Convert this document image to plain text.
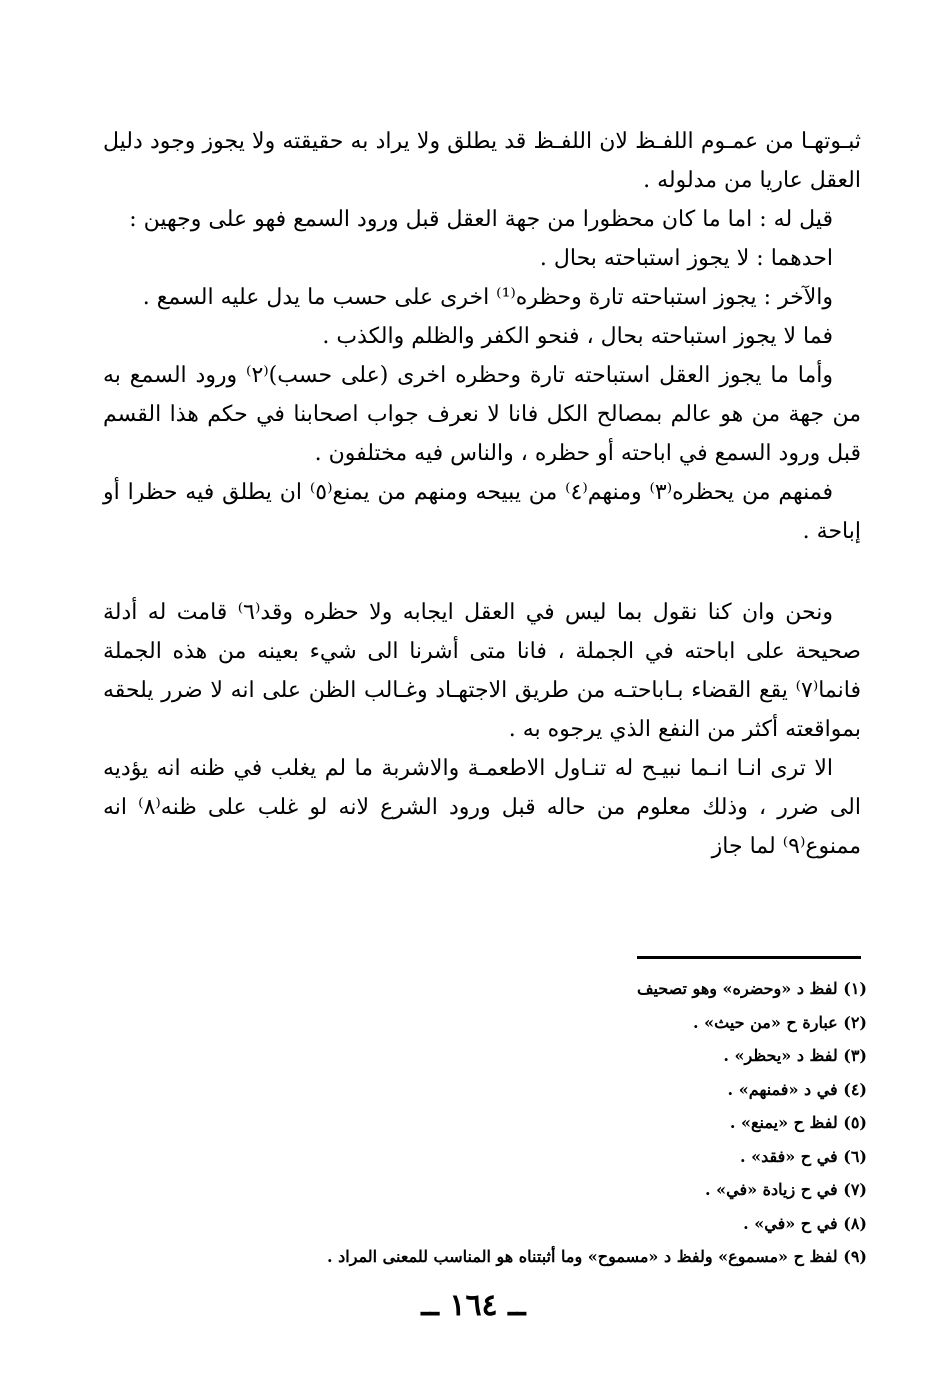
ثبـوتهـا من عمـوم اللفـظ لان اللفـظ قد يطلق ولا يراد به حقيقته ولا يجوز وجود دليل العقل عاريا من مدلوله .

قيل له : اما ما كان محظورا من جهة العقل قبل ورود السمع فهو على وجهين :

احدهما : لا يجوز استباحته بحال .

والآخر : يجوز استباحته تارة وحظره⁽¹⁾ اخرى على حسب ما يدل عليه السمع .

فما لا يجوز استباحته بحال ، فنحو الكفر والظلم والكذب .

وأما ما يجوز العقل استباحته تارة وحظره اخرى (على حسب)⁽٢⁾ ورود السمع به من جهة من هو عالم بمصالح الكل فانا لا نعرف جواب اصحابنا في حكم هذا القسم قبل ورود السمع في اباحته أو حظره ، والناس فيه مختلفون .

فمنهم من يحظره⁽٣⁾ ومنهم⁽٤⁾ من يبيحه ومنهم من يمنع⁽٥⁾ ان يطلق فيه حظرا أو إباحة .

ونحن وان كنا نقول بما ليس في العقل ايجابه ولا حظره وقد⁽٦⁾ قامت له أدلة صحيحة على اباحته في الجملة ، فانا متى أشرنا الى شيء بعينه من هذه الجملة فانما⁽٧⁾ يقع القضاء بـاباحتـه من طريق الاجتهـاد وغـالب الظن على انه لا ضرر يلحقه بمواقعته أكثر من النفع الذي يرجوه به .

الا ترى انـا انـما نبيـح له تنـاول الاطعمـة والاشربة ما لم يغلب في ظنه انه يؤديه الى ضرر ، وذلك معلوم من حاله قبل ورود الشرع لانه لو غلب على ظنه⁽٨⁾ انه ممنوع⁽٩⁾ لما جاز

(١) لفظ د «وحضره» وهو تصحيف
(٢) عبارة ح «من حيث» .
(٣) لفظ د «يحظر» .
(٤) في د «فمنهم» .
(٥) لفظ ح «يمنع» .
(٦) في ح «فقد» .
(٧) في ح زيادة «في» .
(٨) في ح «في» .
(٩) لفظ ح «مسموع» ولفظ د «مسموح» وما أثبتناه هو المناسب للمعنى المراد .
ــ ١٦٤ ــ
